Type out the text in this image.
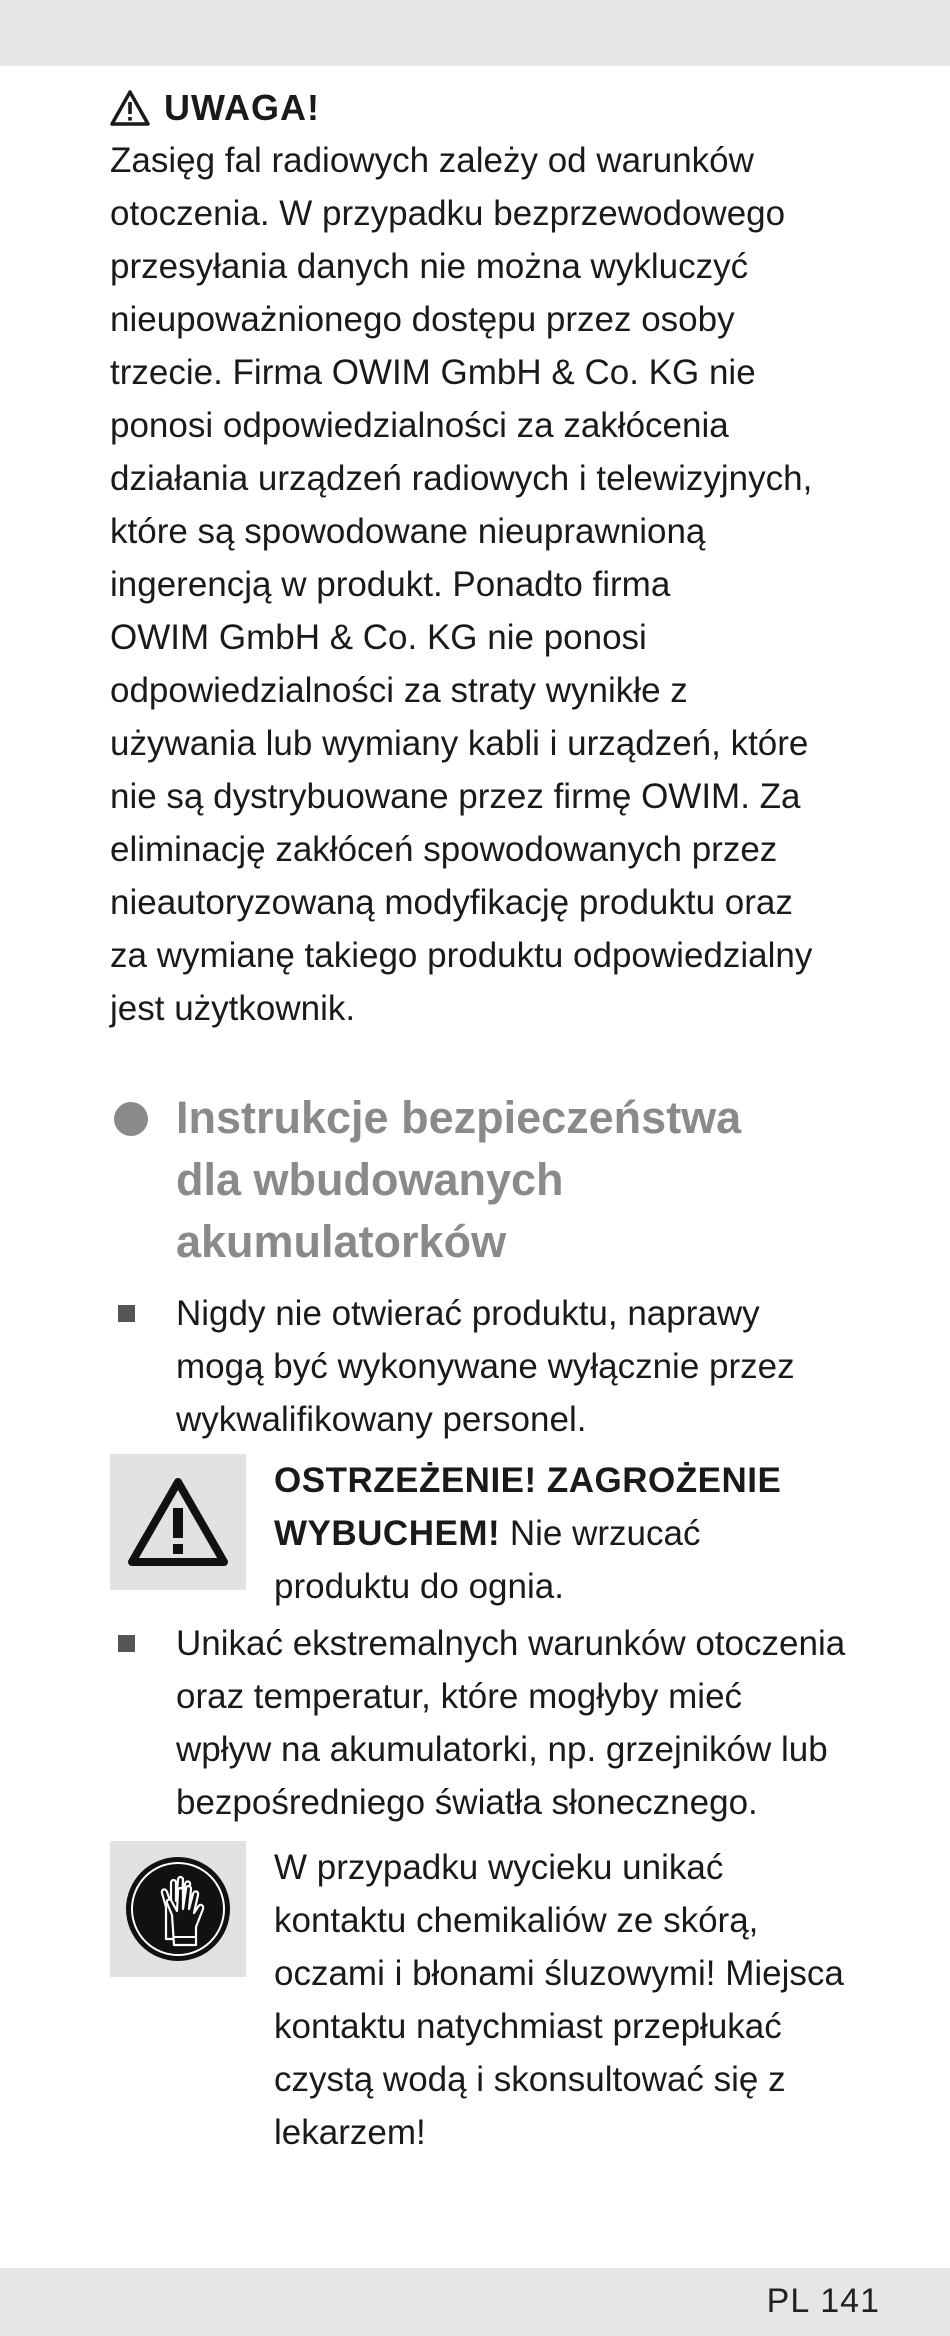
UWAGA!
Zasięg fal radiowych zależy od warunków
otoczenia. W przypadku bezprzewodowego
przesyłania danych nie można wykluczyć
nieupoważnionego dostępu przez osoby
trzecie. Firma OWIM GmbH & Co. KG nie
ponosi odpowiedzialności za zakłócenia
działania urządzeń radiowych i telewizyjnych,
które są spowodowane nieuprawnioną
ingerencją w produkt. Ponadto firma
OWIM GmbH & Co. KG nie ponosi
odpowiedzialności za straty wynikłe z
używania lub wymiany kabli i urządzeń, które
nie są dystrybuowane przez firmę OWIM. Za
eliminację zakłóceń spowodowanych przez
nieautoryzowaną modyfikację produktu oraz
za wymianę takiego produktu odpowiedzialny
jest użytkownik.
Instrukcje bezpieczeństwa
dla wbudowanych
akumulatorków
Nigdy nie otwierać produktu, naprawy
mogą być wykonywane wyłącznie przez
wykwalifikowany personel.
OSTRZEŻENIE! ZAGROŻENIE
WYBUCHEM! Nie wrzucać
produktu do ognia.
Unikać ekstremalnych warunków otoczenia
oraz temperatur, które mogłyby mieć
wpływ na akumulatorki, np. grzejników lub
bezpośredniego światła słonecznego.
W przypadku wycieku unikać
kontaktu chemikaliów ze skórą,
oczami i błonami śluzowymi! Miejsca
kontaktu natychmiast przepłukać
czystą wodą i skonsultować się z
lekarzem!
PL 141
